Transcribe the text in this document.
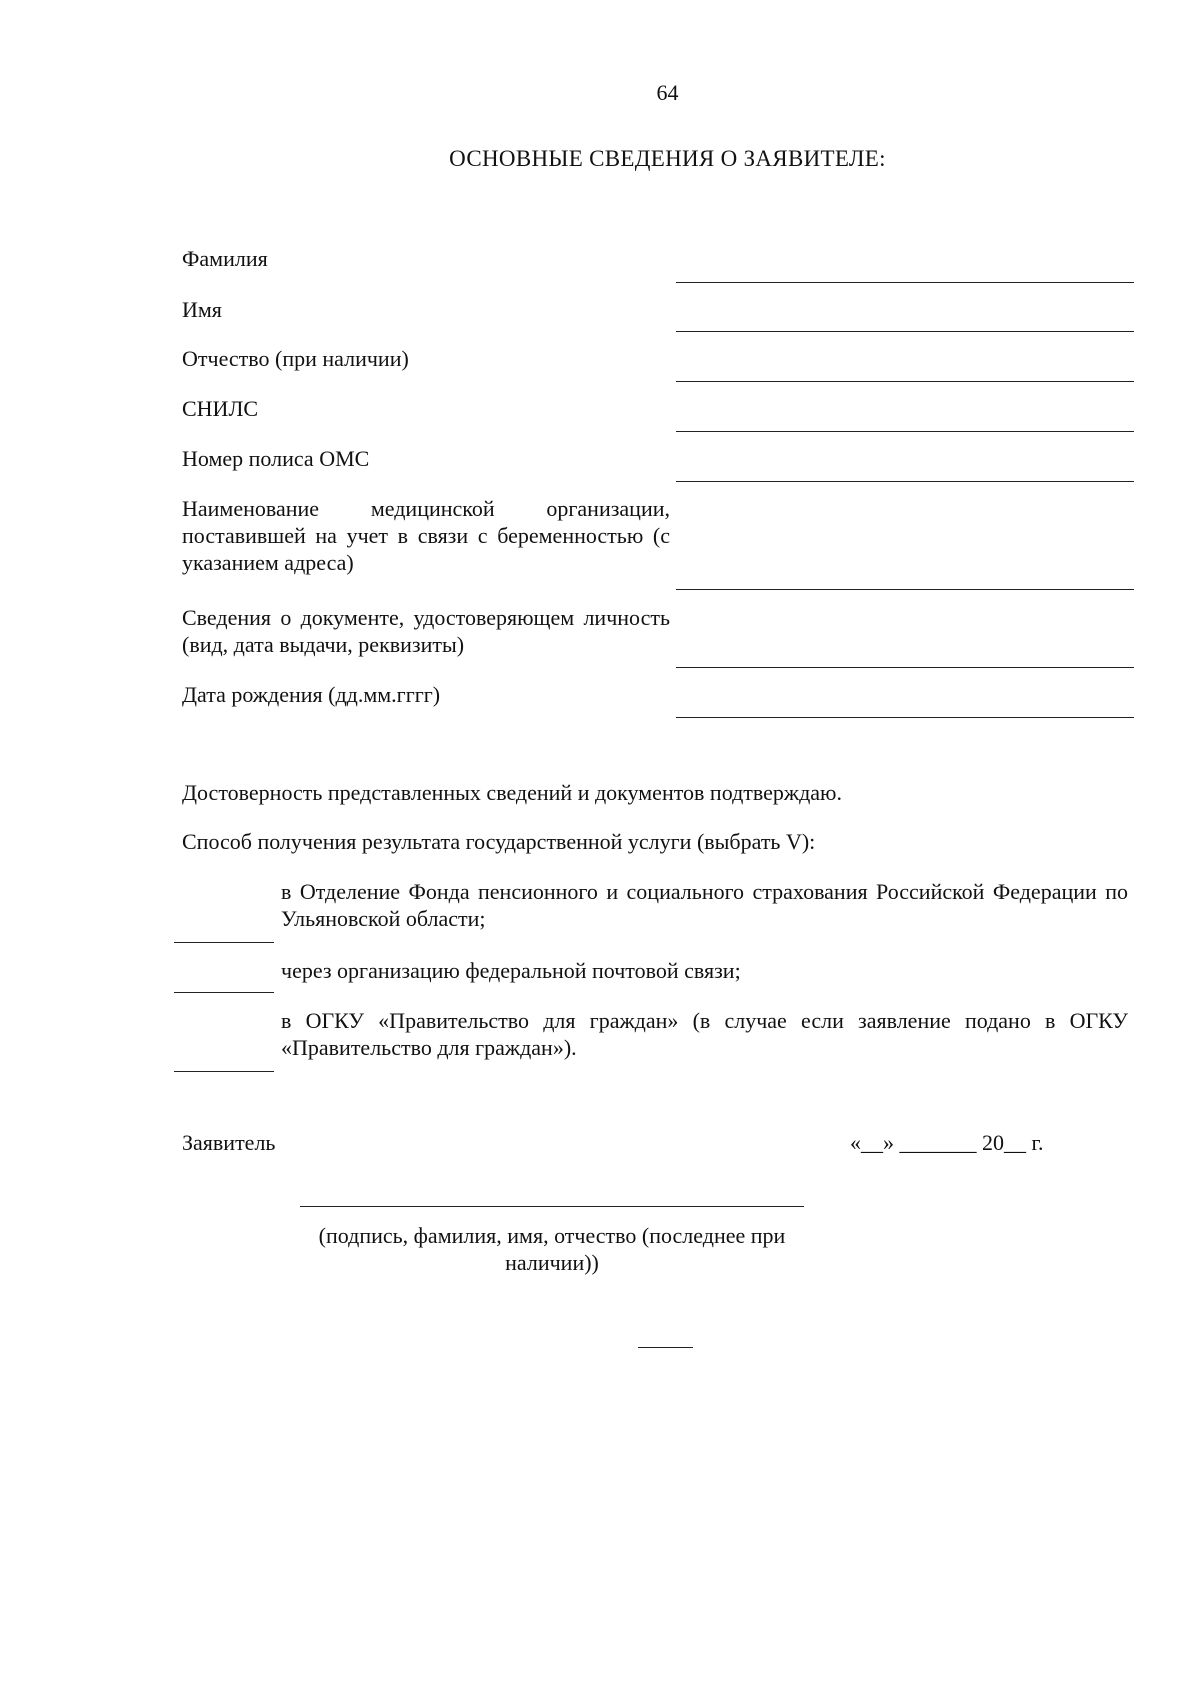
64
ОСНОВНЫЕ СВЕДЕНИЯ О ЗАЯВИТЕЛЕ:
Фамилия
Имя
Отчество (при наличии)
СНИЛС
Номер полиса ОМС
Наименование медицинской организации, поставившей на учет в связи с беременностью (с указанием адреса)
Сведения о документе, удостоверяющем личность (вид, дата выдачи, реквизиты)
Дата рождения (дд.мм.гггг)
Достоверность представленных сведений и документов подтверждаю.
Способ получения результата государственной услуги (выбрать V):
в Отделение Фонда пенсионного и социального страхования Российской Федерации по Ульяновской области;
через организацию федеральной почтовой связи;
в ОГКУ «Правительство для граждан» (в случае если заявление подано в ОГКУ «Правительство для граждан»).
Заявитель	«__» _______ 20__ г.
(подпись, фамилия, имя, отчество (последнее при наличии))
